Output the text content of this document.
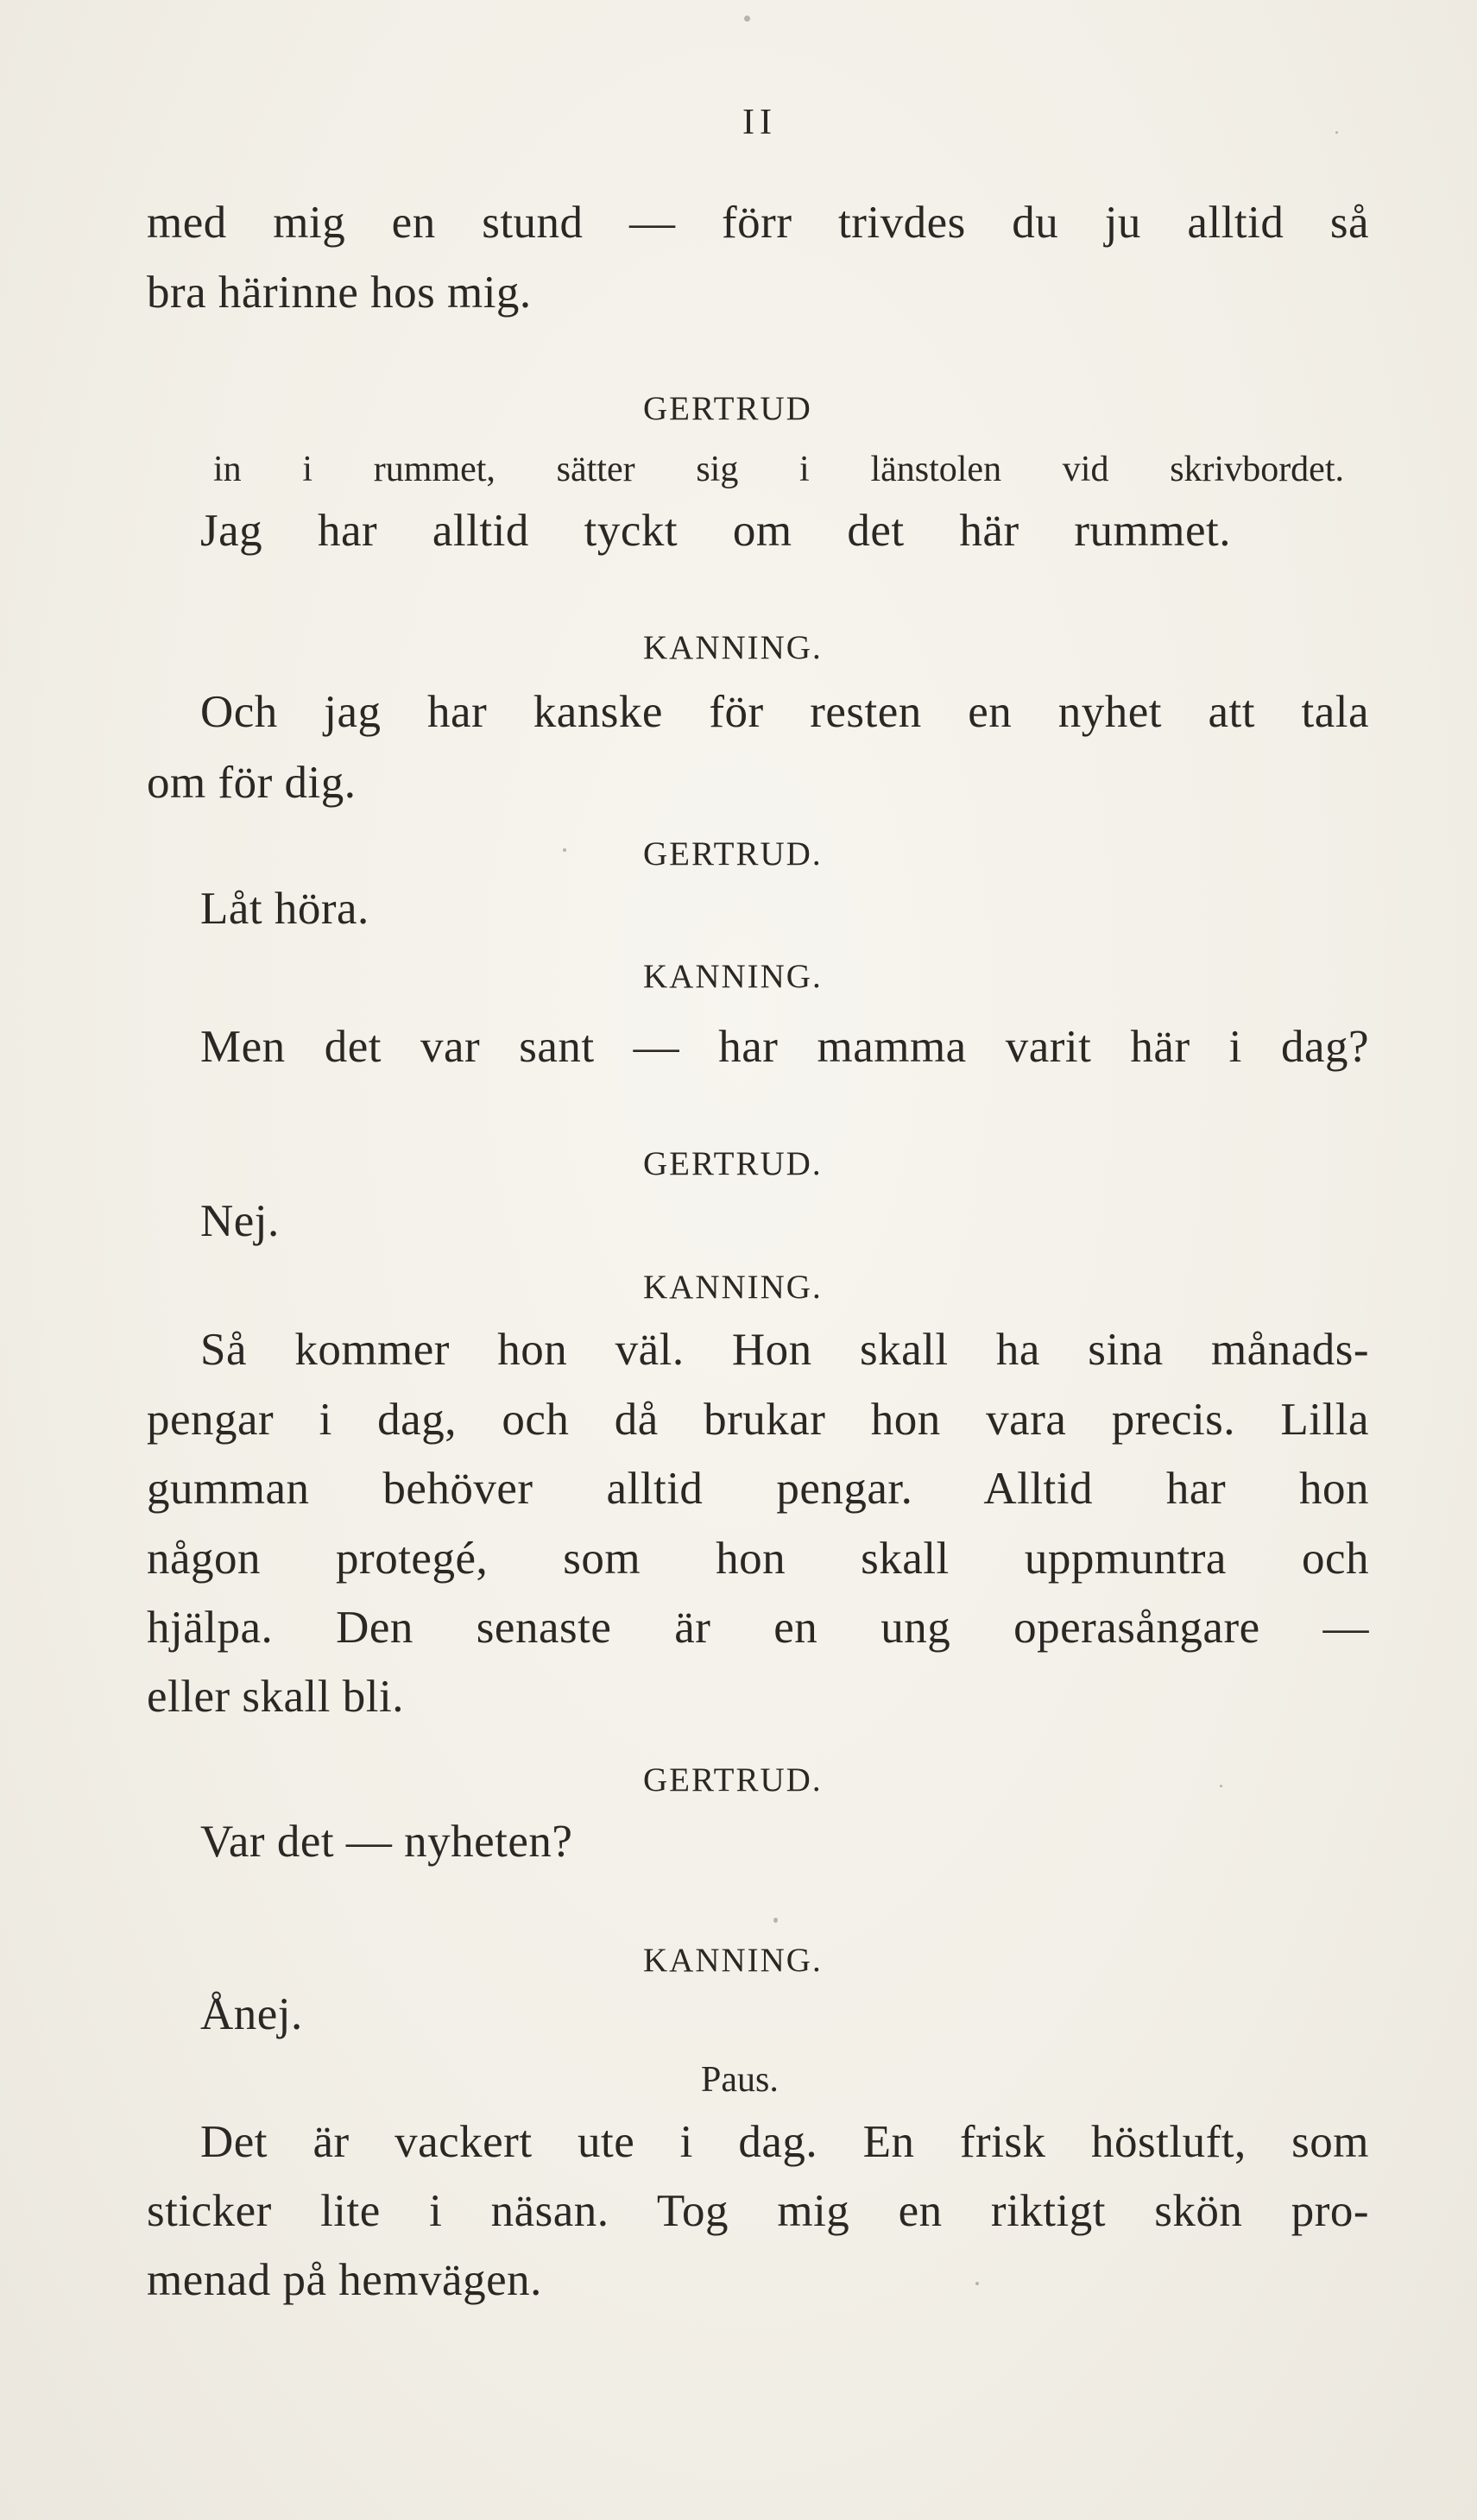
II
med mig en stund — förr trivdes du ju alltid så
bra härinne hos mig.
GERTRUD
in i rummet, sätter sig i länstolen vid skrivbordet.
Jag har alltid tyckt om det här rummet.
KANNING.
Och jag har kanske för resten en nyhet att tala
om för dig.
GERTRUD.
Låt höra.
KANNING.
Men det var sant — har mamma varit här i dag?
GERTRUD.
Nej.
KANNING.
Så kommer hon väl. Hon skall ha sina månads-
pengar i dag, och då brukar hon vara precis. Lilla
gumman behöver alltid pengar. Alltid har hon
någon protegé, som hon skall uppmuntra och
hjälpa. Den senaste är en ung operasångare —
eller skall bli.
GERTRUD.
Var det — nyheten?
KANNING.
Ånej.
Paus.
Det är vackert ute i dag. En frisk höstluft, som
sticker lite i näsan. Tog mig en riktigt skön pro-
menad på hemvägen.
